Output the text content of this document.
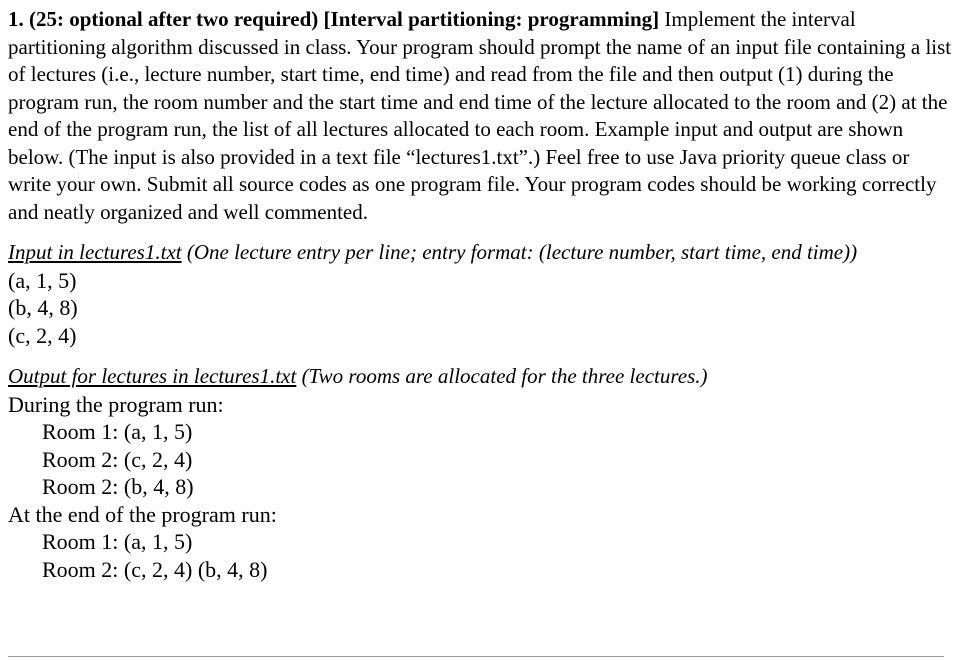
1. (25: optional after two required) [Interval partitioning: programming] Implement the interval partitioning algorithm discussed in class. Your program should prompt the name of an input file containing a list of lectures (i.e., lecture number, start time, end time) and read from the file and then output (1) during the program run, the room number and the start time and end time of the lecture allocated to the room and (2) at the end of the program run, the list of all lectures allocated to each room. Example input and output are shown below. (The input is also provided in a text file “lectures1.txt”.) Feel free to use Java priority queue class or write your own. Submit all source codes as one program file. Your program codes should be working correctly and neatly organized and well commented.

Input in lectures1.txt (One lecture entry per line; entry format: (lecture number, start time, end time))

(a, 1, 5)

(b, 4, 8)

(c, 2, 4)

Output for lectures in lectures1.txt (Two rooms are allocated for the three lectures.)

During the program run:

Room 1: (a, 1, 5)

Room 2: (c, 2, 4)

Room 2: (b, 4, 8)

At the end of the program run:

Room 1: (a, 1, 5)

Room 2: (c, 2, 4) (b, 4, 8)
